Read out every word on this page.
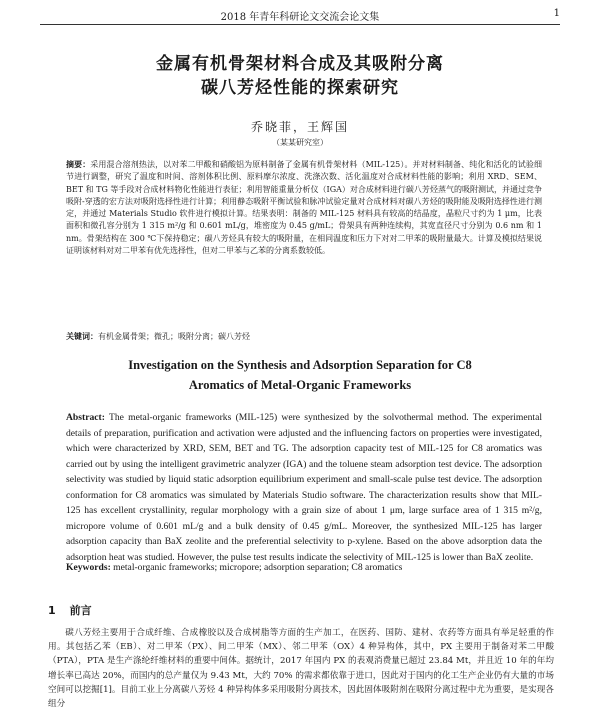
2018 年青年科研论文交流会论文集	1
金属有机骨架材料合成及其吸附分离
碳八芳烃性能的探索研究
乔晓菲，王辉国
（某某研究室）
摘要：采用混合溶剂热法，以对苯二甲酸和硝酸铝为原料制备了金属有机骨架材料（MIL-125）。并对材料制备、纯化和活化的试验细节进行调整，研究了温度和时间、溶剂体积比例、原料摩尔浓度、洗涤次数、活化温度对合成材料性能的影响；利用 XRD、SEM、BET 和 TG 等手段对合成材料物化性能进行表征；利用智能重量分析仪（IGA）对合成材料进行碳八芳烃蒸气的吸附测试，并通过竞争吸附-穿透的宏方法对吸附选择性进行计算；利用静态吸附平衡试验和脉冲试验定量对合成材料对碳八芳烃的吸附能及吸附选择性进行测定，并通过 Materials Studio 软件进行模拟计算。结果表明：制备的 MIL-125 材料具有较高的结晶度，晶粒尺寸约为 1 μm，比表面积和微孔容分别为 1 315 m²/g 和 0.601 mL/g，堆密度为 0.45 g/mL；骨架具有两种连续构，其宽直径尺寸分别为 0.6 nm 和 1 nm。骨架结构在 300 ℃下保持稳定；碳八芳烃具有较大的吸附量，在相同温度和压力下对对二甲苯的吸附量最大。计算及模拟结果说证明该材料对对二甲苯有优先选择性，但对二甲苯与乙苯的分离系数较低。
关键词：有机金属骨架；微孔；吸附分离；碳八芳烃
Investigation on the Synthesis and Adsorption Separation for C8
Aromatics of Metal-Organic Frameworks
Abstract: The metal-organic frameworks (MIL-125) were synthesized by the solvothermal method. The experimental details of preparation, purification and activation were adjusted and the influencing factors on properties were investigated, which were characterized by XRD, SEM, BET and TG. The adsorption capacity test of MIL-125 for C8 aromatics was carried out by using the intelligent gravimetric analyzer (IGA) and the toluene steam adsorption test device. The adsorption selectivity was studied by liquid static adsorption equilibrium experiment and small-scale pulse test device. The adsorption conformation for C8 aromatics was simulated by Materials Studio software. The characterization results show that MIL-125 has excellent crystallinity, regular morphology with a grain size of about 1 μm, large surface area of 1 315 m²/g, micropore volume of 0.601 mL/g and a bulk density of 0.45 g/mL. Moreover, the synthesized MIL-125 has larger adsorption capacity than BaX zeolite and the preferential selectivity to p-xylene. Based on the above adsorption data the adsorption heat was studied. However, the pulse test results indicate the selectivity of MIL-125 is lower than BaX zeolite.
Keywords: metal-organic frameworks; micropore; adsorption separation; C8 aromatics
1 前言
碳八芳烃主要用于合成纤维、合成橡胶以及合成树脂等方面的生产加工，在医药、国防、建材、农药等方面具有举足轻重的作用。其包括乙苯（EB）、对二甲苯（PX）、间二甲苯（MX）、邻二甲苯（OX）4 种异构体，其中，PX 主要用于制备对苯二甲酸（PTA），PTA 是生产涤纶纤维材料的重要中间体。据统计，2017 年国内 PX 的表观消费量已超过 23.84 Mt，并且近 10 年的年均增长率已高达 20%，而国内的总产量仅为 9.43 Mt，大约 70% 的需求都依靠于进口，因此对于国内的化工生产企业仍有大量的市场空间可以挖掘[1]。目前工业上分离碳八芳烃 4 种异构体多采用吸附分离技术，因此固体吸附剂在吸附分离过程中尤为重要，是实现各组分
